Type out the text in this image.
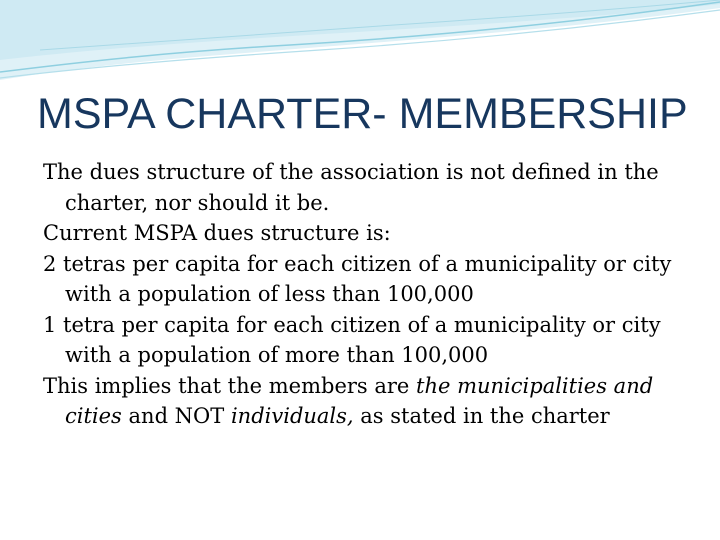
MSPA CHARTER- MEMBERSHIP

The dues structure of the association is not defined in the charter, nor should it be.

Current MSPA dues structure is:

2 tetras per capita for each citizen of a municipality or city with a population of less than 100,000

1 tetra per capita for each citizen of a municipality or city with a population of more than 100,000

This implies that the members are the municipalities and cities and NOT individuals, as stated in the charter
